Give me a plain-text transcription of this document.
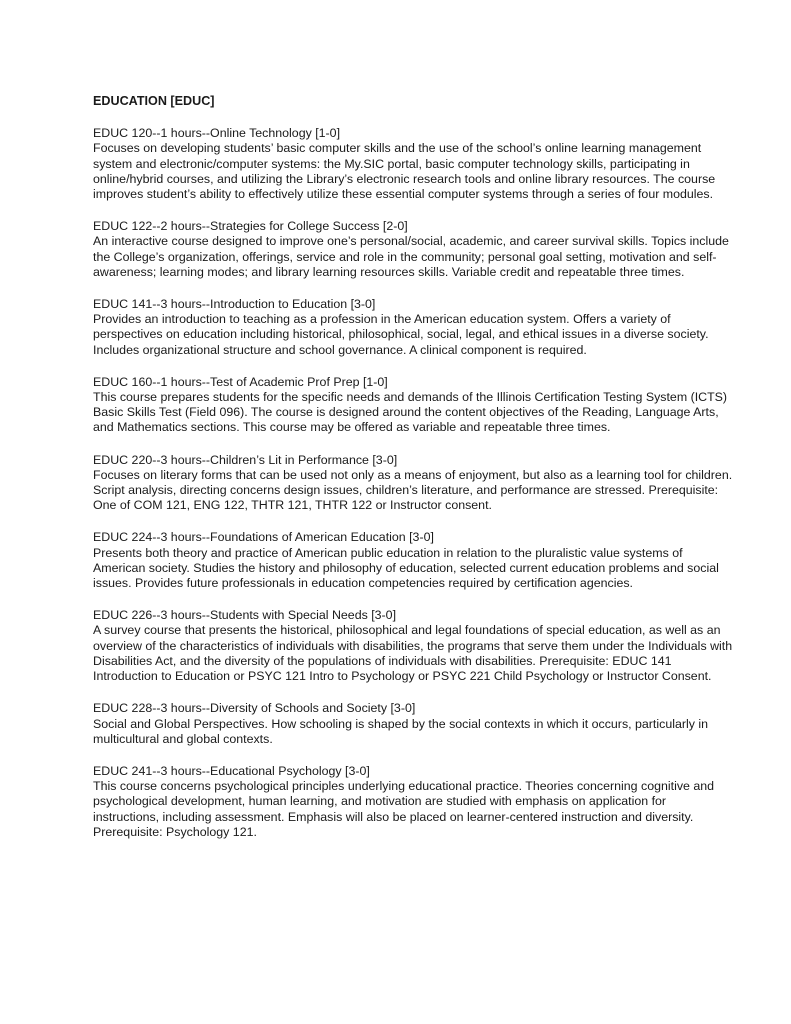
EDUCATION [EDUC]
EDUC 120--1 hours--Online Technology [1-0]
Focuses on developing students’ basic computer skills and the use of the school’s online learning management system and electronic/computer systems: the My.SIC portal, basic computer technology skills, participating in online/hybrid courses, and utilizing the Library’s electronic research tools and online library resources. The course improves student’s ability to effectively utilize these essential computer systems through a series of four modules.
EDUC 122--2 hours--Strategies for College Success [2-0]
An interactive course designed to improve one’s personal/social, academic, and career survival skills. Topics include the College’s organization, offerings, service and role in the community; personal goal setting, motivation and self-awareness; learning modes; and library learning resources skills. Variable credit and repeatable three times.
EDUC 141--3 hours--Introduction to Education [3-0]
Provides an introduction to teaching as a profession in the American education system. Offers a variety of perspectives on education including historical, philosophical, social, legal, and ethical issues in a diverse society. Includes organizational structure and school governance. A clinical component is required.
EDUC 160--1 hours--Test of Academic Prof Prep [1-0]
This course prepares students for the specific needs and demands of the Illinois Certification Testing System (ICTS) Basic Skills Test (Field 096). The course is designed around the content objectives of the Reading, Language Arts, and Mathematics sections. This course may be offered as variable and repeatable three times.
EDUC 220--3 hours--Children’s Lit in Performance [3-0]
Focuses on literary forms that can be used not only as a means of enjoyment, but also as a learning tool for children. Script analysis, directing concerns design issues, children’s literature, and performance are stressed. Prerequisite: One of COM 121, ENG 122, THTR 121, THTR 122 or Instructor consent.
EDUC 224--3 hours--Foundations of American Education [3-0]
Presents both theory and practice of American public education in relation to the pluralistic value systems of American society. Studies the history and philosophy of education, selected current education problems and social issues. Provides future professionals in education competencies required by certification agencies.
EDUC 226--3 hours--Students with Special Needs [3-0]
A survey course that presents the historical, philosophical and legal foundations of special education, as well as an overview of the characteristics of individuals with disabilities, the programs that serve them under the Individuals with Disabilities Act, and the diversity of the populations of individuals with disabilities. Prerequisite: EDUC 141 Introduction to Education or PSYC 121 Intro to Psychology or PSYC 221 Child Psychology or Instructor Consent.
EDUC 228--3 hours--Diversity of Schools and Society [3-0]
Social and Global Perspectives. How schooling is shaped by the social contexts in which it occurs, particularly in multicultural and global contexts.
EDUC 241--3 hours--Educational Psychology [3-0]
This course concerns psychological principles underlying educational practice. Theories concerning cognitive and psychological development, human learning, and motivation are studied with emphasis on application for instructions, including assessment. Emphasis will also be placed on learner-centered instruction and diversity. Prerequisite: Psychology 121.
